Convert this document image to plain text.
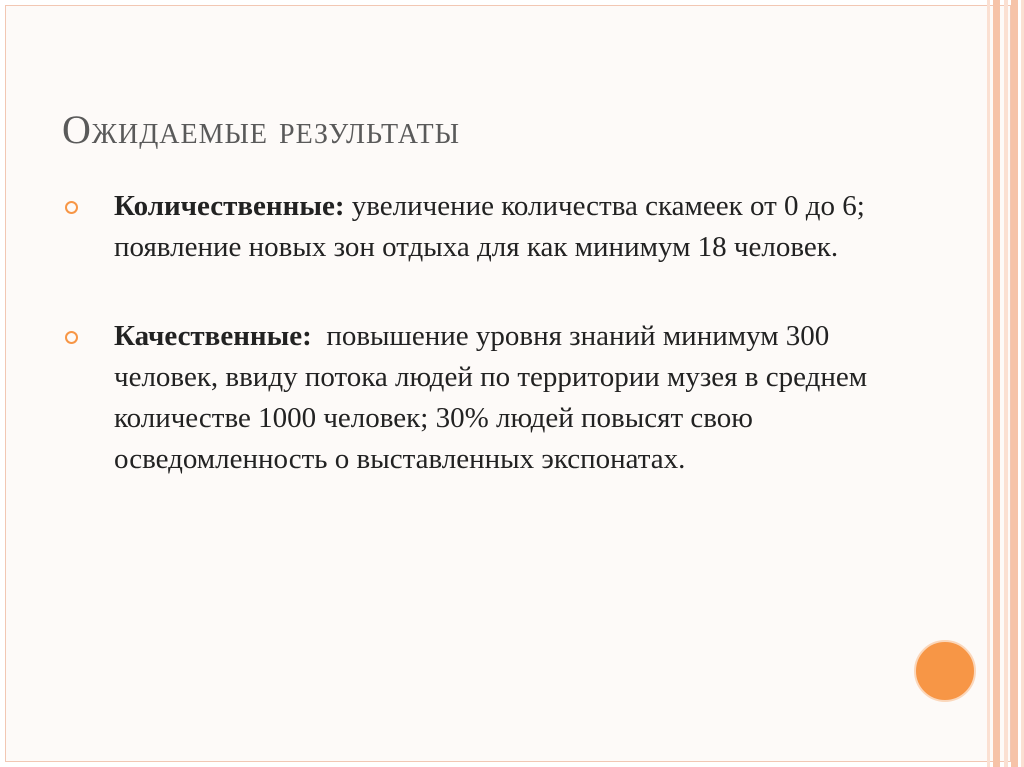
Ожидаемые результаты
Количественные: увеличение количества скамеек от 0 до 6; появление новых зон отдыха для как минимум 18 человек.
Качественные:  повышение уровня знаний минимум 300 человек, ввиду потока людей по территории музея в среднем количестве 1000 человек; 30% людей повысят свою осведомленность о выставленных экспонатах.
